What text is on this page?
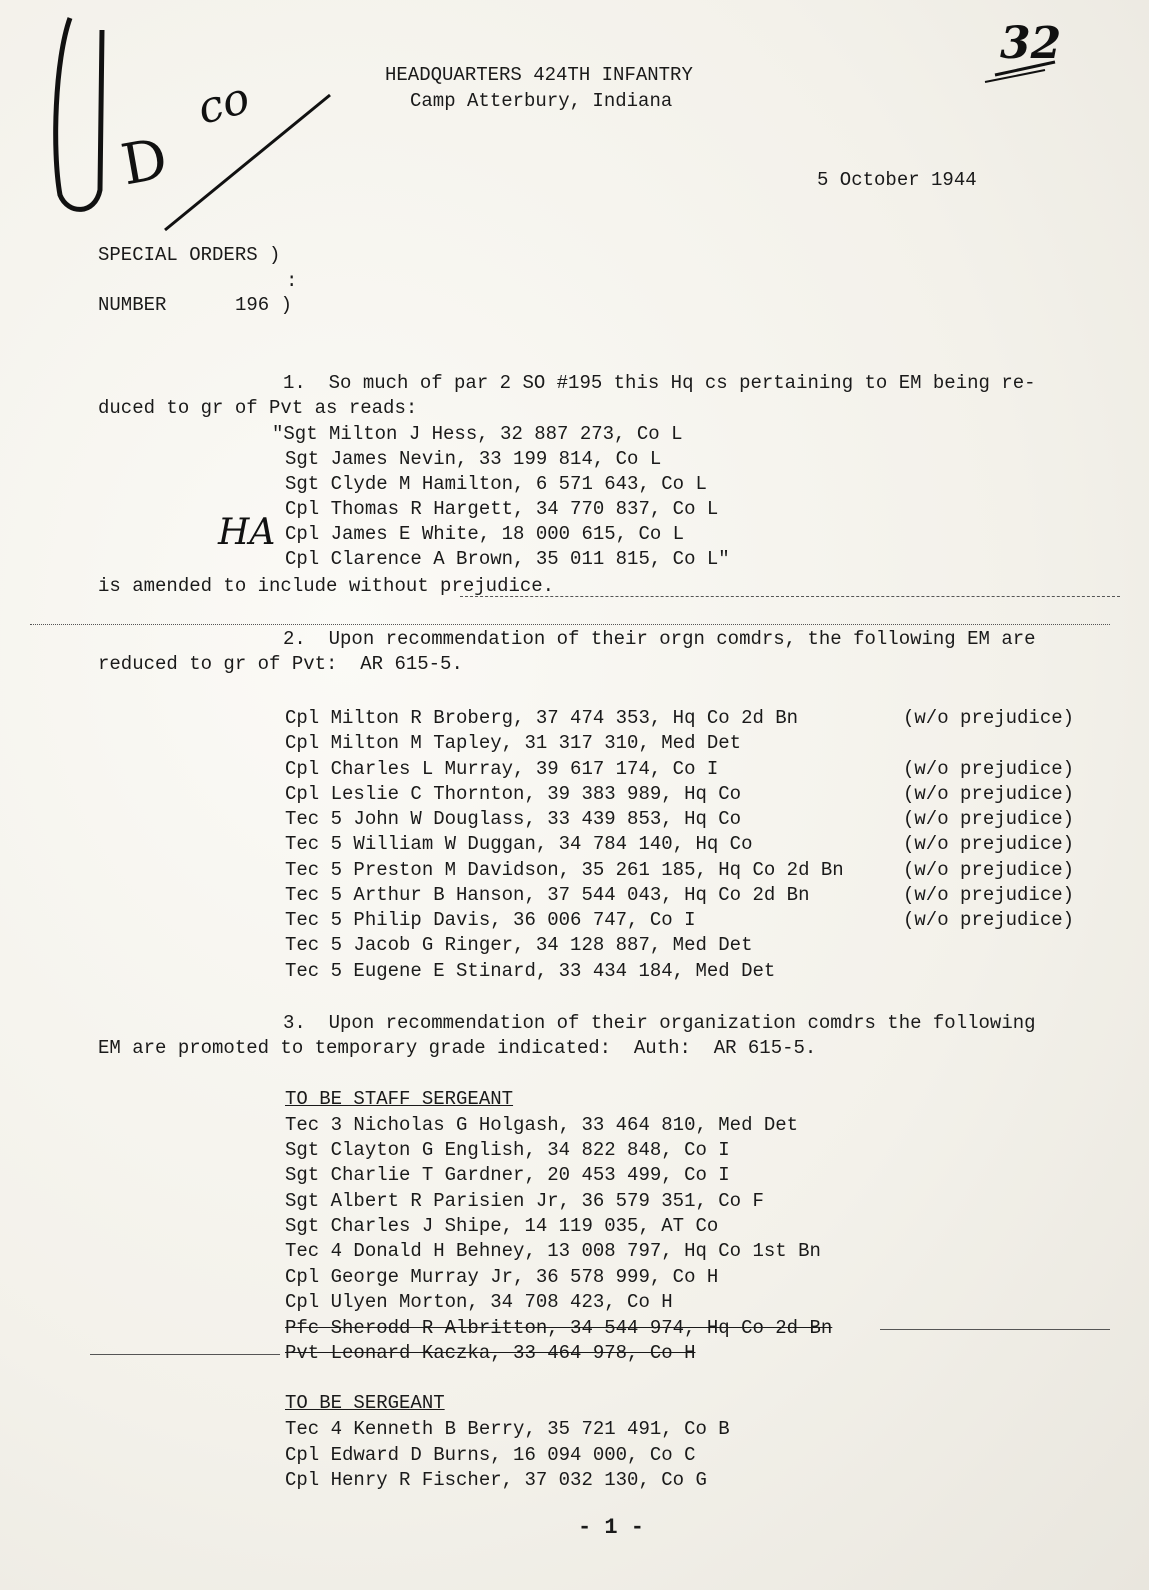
D
co
32
HEADQUARTERS 424TH INFANTRY
Camp Atterbury, Indiana
5 October 1944
SPECIAL ORDERS )
:
NUMBER	196 )
1.  So much of par 2 SO #195 this Hq cs pertaining to EM being re-
duced to gr of Pvt as reads:
"Sgt Milton J Hess, 32 887 273, Co L
Sgt James Nevin, 33 199 814, Co L
Sgt Clyde M Hamilton, 6 571 643, Co L
Cpl Thomas R Hargett, 34 770 837, Co L
Cpl James E White, 18 000 615, Co L
Cpl Clarence A Brown, 35 011 815, Co L"
HA
is amended to include without prejudice.
2.  Upon recommendation of their orgn comdrs, the following EM are
reduced to gr of Pvt:  AR 615-5.
Cpl Milton R Broberg, 37 474 353, Hq Co 2d Bn	(w/o prejudice)
Cpl Milton M Tapley, 31 317 310, Med Det
Cpl Charles L Murray, 39 617 174, Co I	(w/o prejudice)
Cpl Leslie C Thornton, 39 383 989, Hq Co	(w/o prejudice)
Tec 5 John W Douglass, 33 439 853, Hq Co	(w/o prejudice)
Tec 5 William W Duggan, 34 784 140, Hq Co	(w/o prejudice)
Tec 5 Preston M Davidson, 35 261 185, Hq Co 2d Bn	(w/o prejudice)
Tec 5 Arthur B Hanson, 37 544 043, Hq Co 2d Bn	(w/o prejudice)
Tec 5 Philip Davis, 36 006 747, Co I	(w/o prejudice)
Tec 5 Jacob G Ringer, 34 128 887, Med Det
Tec 5 Eugene E Stinard, 33 434 184, Med Det
3.  Upon recommendation of their organization comdrs the following
EM are promoted to temporary grade indicated:  Auth:  AR 615-5.
TO BE STAFF SERGEANT
Tec 3 Nicholas G Holgash, 33 464 810, Med Det
Sgt Clayton G English, 34 822 848, Co I
Sgt Charlie T Gardner, 20 453 499, Co I
Sgt Albert R Parisien Jr, 36 579 351, Co F
Sgt Charles J Shipe, 14 119 035, AT Co
Tec 4 Donald H Behney, 13 008 797, Hq Co 1st Bn
Cpl George Murray Jr, 36 578 999, Co H
Cpl Ulyen Morton, 34 708 423, Co H
Pfc Sherodd R Albritton, 34 544 974, Hq Co 2d Bn
Pvt Leonard Kaczka, 33 464 978, Co H
TO BE SERGEANT
Tec 4 Kenneth B Berry, 35 721 491, Co B
Cpl Edward D Burns, 16 094 000, Co C
Cpl Henry R Fischer, 37 032 130, Co G
- 1 -
